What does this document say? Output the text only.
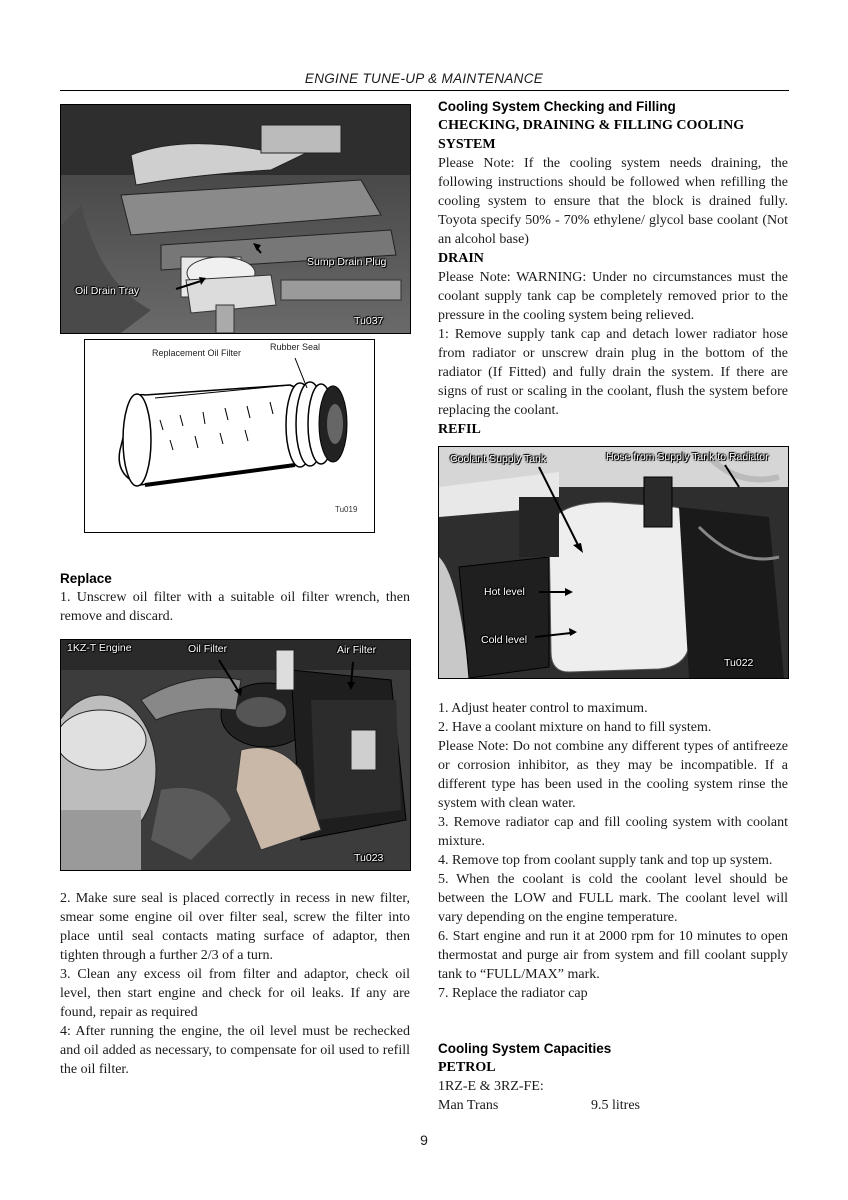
ENGINE TUNE-UP & MAINTENANCE
Sump Drain Plug
Oil Drain Tray
Tu037
Replacement Oil Filter
Rubber Seal
Tu019
Replace

1. Unscrew oil filter with a suitable oil filter wrench, then remove and discard.

1KZ-T Engine	Oil Filter	Air Filter
Tu023

2. Make sure seal is placed correctly in recess in new filter, smear some engine oil over filter seal, screw the filter into place until seal contacts mating surface of adaptor, then tighten through a further 2/3 of a turn.

3. Clean any excess oil from filter and adaptor, check oil level, then start engine and check for oil leaks. If any are found, repair as required

4: After running the engine, the oil level must be rechecked and oil added as necessary, to compensate for oil used to refill the oil filter.

Cooling System Checking and Filling
CHECKING, DRAINING & FILLING COOLING SYSTEM

Please Note: If the cooling system needs draining, the following instructions should be followed when refilling the cooling system to ensure that the block is drained fully. Toyota specify 50% - 70% ethylene/ glycol base coolant (Not an alcohol base)

DRAIN

Please Note: WARNING: Under no circumstances must the coolant supply tank cap be completely removed prior to the pressure in the cooling system being relieved.

1: Remove supply tank cap and detach lower radiator hose from radiator or unscrew drain plug in the bottom of the radiator (If Fitted) and fully drain the system. If there are signs of rust or scaling in the coolant, flush the system before replacing the coolant.

REFIL
Coolant Supply Tank	Hose from Supply Tank to Radiator
Hot level
Cold level
Tu022

1. Adjust heater control to maximum.

2. Have a coolant mixture on hand to fill system.

Please Note: Do not combine any different types of antifreeze or corrosion inhibitor, as they may be incompatible. If a different type has been used in the cooling system rinse the system with clean water.

3. Remove radiator cap and fill cooling system with coolant mixture.

4. Remove top from coolant supply tank and top up system.

5. When the coolant is cold the coolant level should be between the LOW and FULL mark. The coolant level will vary depending on the engine temperature.

6. Start engine and run it at 2000 rpm for 10 minutes to open thermostat and purge air from system and fill coolant supply tank to “FULL/MAX” mark.

7. Replace the radiator cap

Cooling System Capacities
PETROL

1RZ-E & 3RZ-FE:

Man Trans	9.5 litres
9
